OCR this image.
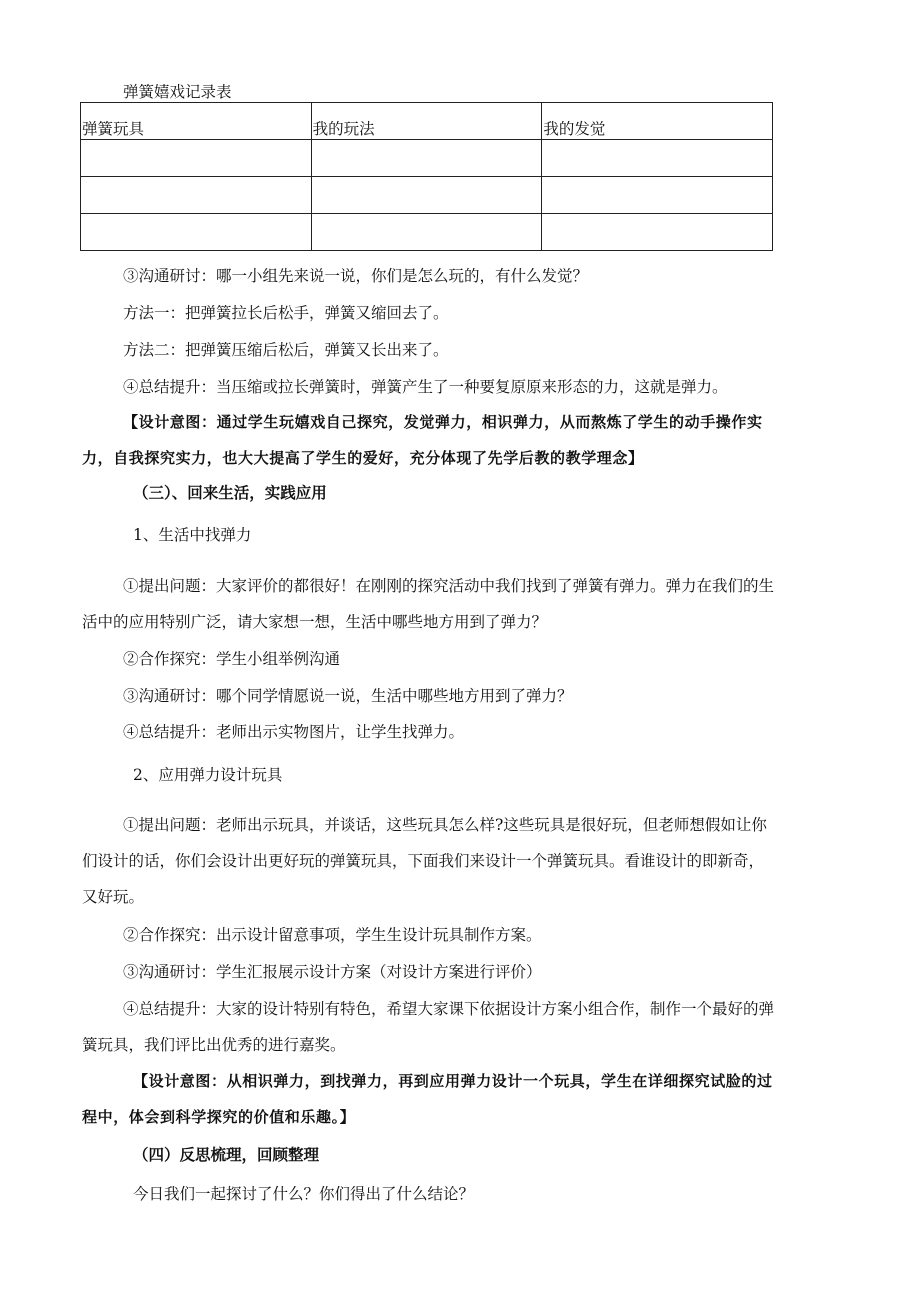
弹簧嬉戏记录表
弹簧玩具	我的玩法	我的发觉

③沟通研讨：哪一小组先来说一说，你们是怎么玩的，有什么发觉？
方法一：把弹簧拉长后松手，弹簧又缩回去了。
方法二：把弹簧压缩后松后，弹簧又长出来了。
④总结提升：当压缩或拉长弹簧时，弹簧产生了一种要复原原来形态的力，这就是弹力。
【设计意图：通过学生玩嬉戏自己探究，发觉弹力，相识弹力，从而熬炼了学生的动手操作实
力，自我探究实力，也大大提高了学生的爱好，充分体现了先学后教的教学理念】
（三）、回来生活，实践应用
1、生活中找弹力
①提出问题：大家评价的都很好！在刚刚的探究活动中我们找到了弹簧有弹力。弹力在我们的生
活中的应用特别广泛，请大家想一想，生活中哪些地方用到了弹力？
②合作探究：学生小组举例沟通
③沟通研讨：哪个同学情愿说一说，生活中哪些地方用到了弹力？
④总结提升：老师出示实物图片，让学生找弹力。
2、应用弹力设计玩具
①提出问题：老师出示玩具，并谈话，这些玩具怎么样?这些玩具是很好玩，但老师想假如让你
们设计的话，你们会设计出更好玩的弹簧玩具，下面我们来设计一个弹簧玩具。看谁设计的即新奇，
又好玩。
②合作探究：出示设计留意事项，学生生设计玩具制作方案。
③沟通研讨：学生汇报展示设计方案（对设计方案进行评价）
④总结提升：大家的设计特别有特色，希望大家课下依据设计方案小组合作，制作一个最好的弹
簧玩具，我们评比出优秀的进行嘉奖。
【设计意图：从相识弹力，到找弹力，再到应用弹力设计一个玩具，学生在详细探究试脸的过
程中，体会到科学探究的价值和乐趣。】
（四）反思梳理，回顾整理
今日我们一起探讨了什么？你们得出了什么结论？
